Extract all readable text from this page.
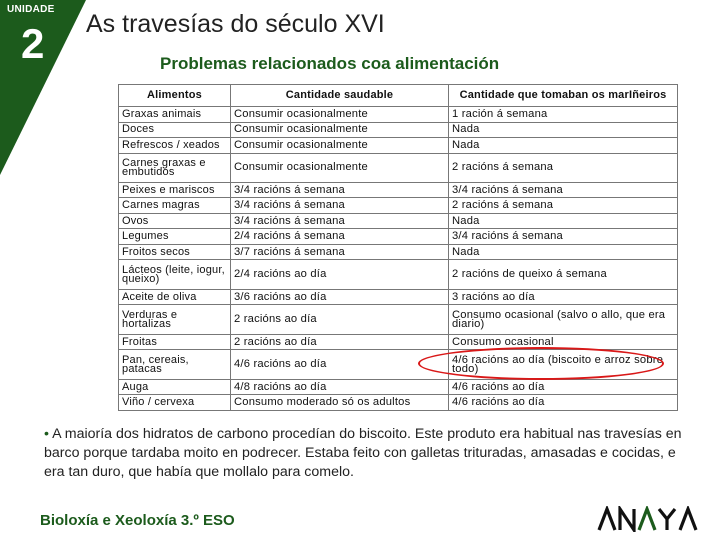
UNIDADE
2 As travesías do século XVI
Problemas relacionados coa alimentación
Alimentos	Cantidade saudable	Cantidade que tomaban os marIñeiros
Graxas animais	Consumir ocasionalmente	1 ración á semana
Doces	Consumir ocasionalmente	Nada
Refrescos / xeados	Consumir ocasionalmente	Nada
Carnes graxas e embutidos	Consumir ocasionalmente	2 racións á semana
Peixes e mariscos	3/4 racións á semana	3/4 racións á semana
Carnes magras	3/4 racións á semana	2 racións á semana
Ovos	3/4 racións á semana	Nada
Legumes	2/4 racións á semana	3/4 racións á semana
Froitos secos	3/7 racións á semana	Nada
Lácteos (leite, iogur, queixo)	2/4 racións ao día	2 racións de queixo á semana
Aceite de oliva	3/6 racións ao día	3 racións ao día
Verduras e hortalizas	2 racións ao día	Consumo ocasional (salvo o allo, que era diario)
Froitas	2 racións ao día	Consumo ocasional
Pan, cereais, patacas	4/6 racións ao día	4/6 racións ao día (biscoito e arroz sobre todo)
Auga	4/8 racións ao día	4/6 racións ao día
Viño / cervexa	Consumo moderado só os adultos	4/6 racións ao día
• A maioría dos hidratos de carbono procedían do biscoito. Este produto era habitual nas travesías en barco porque tardaba moito en podrecer. Estaba feito con galletas trituradas, amasadas e cocidas, e era tan duro, que había que mollalo para comelo.
Bioloxía e Xeoloxía 3.º ESO
